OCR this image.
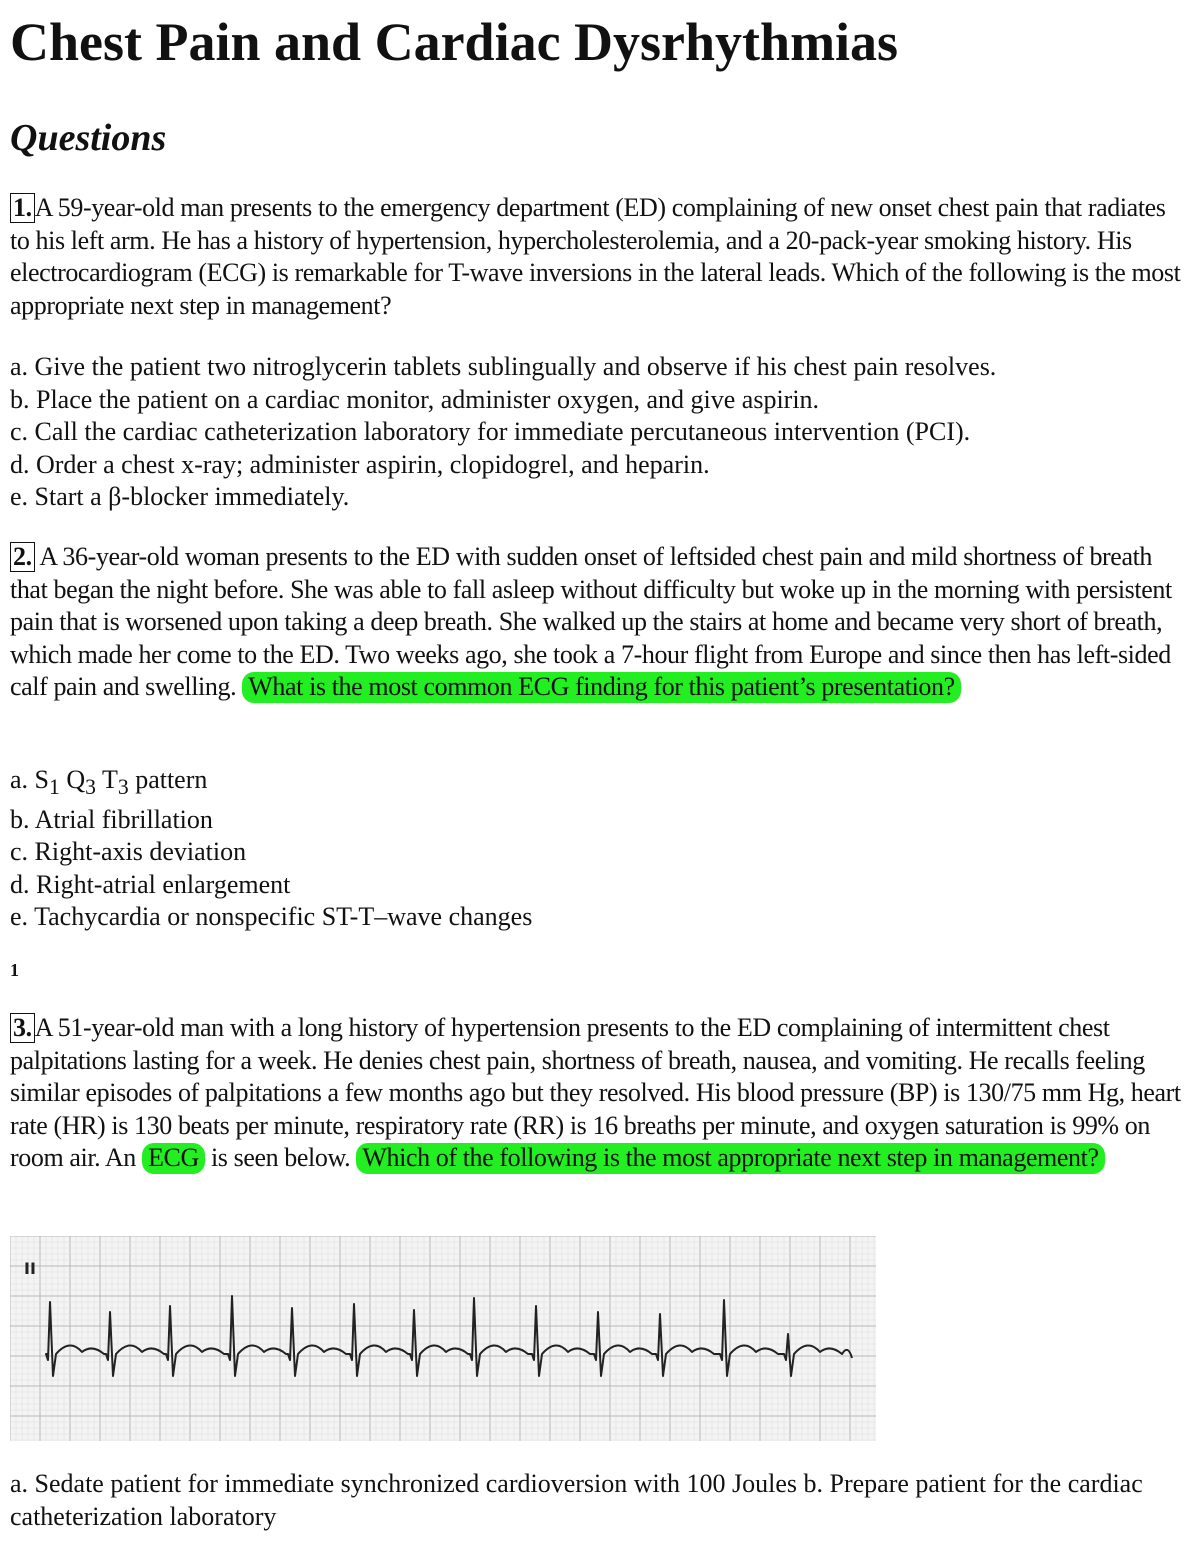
Chest Pain and Cardiac Dysrhythmias
Questions

1. A 59-year-old man presents to the emergency department (ED) complaining of new onset chest pain that radiates to his left arm. He has a history of hypertension, hypercholesterolemia, and a 20-pack-year smoking history. His electrocardiogram (ECG) is remarkable for T-wave inversions in the lateral leads. Which of the following is the most appropriate next step in management?

a. Give the patient two nitroglycerin tablets sublingually and observe if his chest pain resolves.
b. Place the patient on a cardiac monitor, administer oxygen, and give aspirin.
c. Call the cardiac catheterization laboratory for immediate percutaneous intervention (PCI).
d. Order a chest x-ray; administer aspirin, clopidogrel, and heparin.
e. Start a β-blocker immediately.

2. A 36-year-old woman presents to the ED with sudden onset of leftsided chest pain and mild shortness of breath that began the night before. She was able to fall asleep without difficulty but woke up in the morning with persistent pain that is worsened upon taking a deep breath. She walked up the stairs at home and became very short of breath, which made her come to the ED. Two weeks ago, she took a 7-hour flight from Europe and since then has left-sided calf pain and swelling. What is the most common ECG finding for this patient’s presentation?

a. $S_1$ $Q_3$ $T_3$ pattern
b. Atrial fibrillation
c. Right-axis deviation
d. Right-atrial enlargement
e. Tachycardia or nonspecific ST-T–wave changes
1

3. A 51-year-old man with a long history of hypertension presents to the ED complaining of intermittent chest palpitations lasting for a week. He denies chest pain, shortness of breath, nausea, and vomiting. He recalls feeling similar episodes of palpitations a few months ago but they resolved. His blood pressure (BP) is 130/75 mm Hg, heart rate (HR) is 130 beats per minute, respiratory rate (RR) is 16 breaths per minute, and oxygen saturation is 99% on room air. An ECG is seen below. Which of the following is the most appropriate next step in management?

II

a. Sedate patient for immediate synchronized cardioversion with 100 Joules b. Prepare patient for the cardiac catheterization laboratory
